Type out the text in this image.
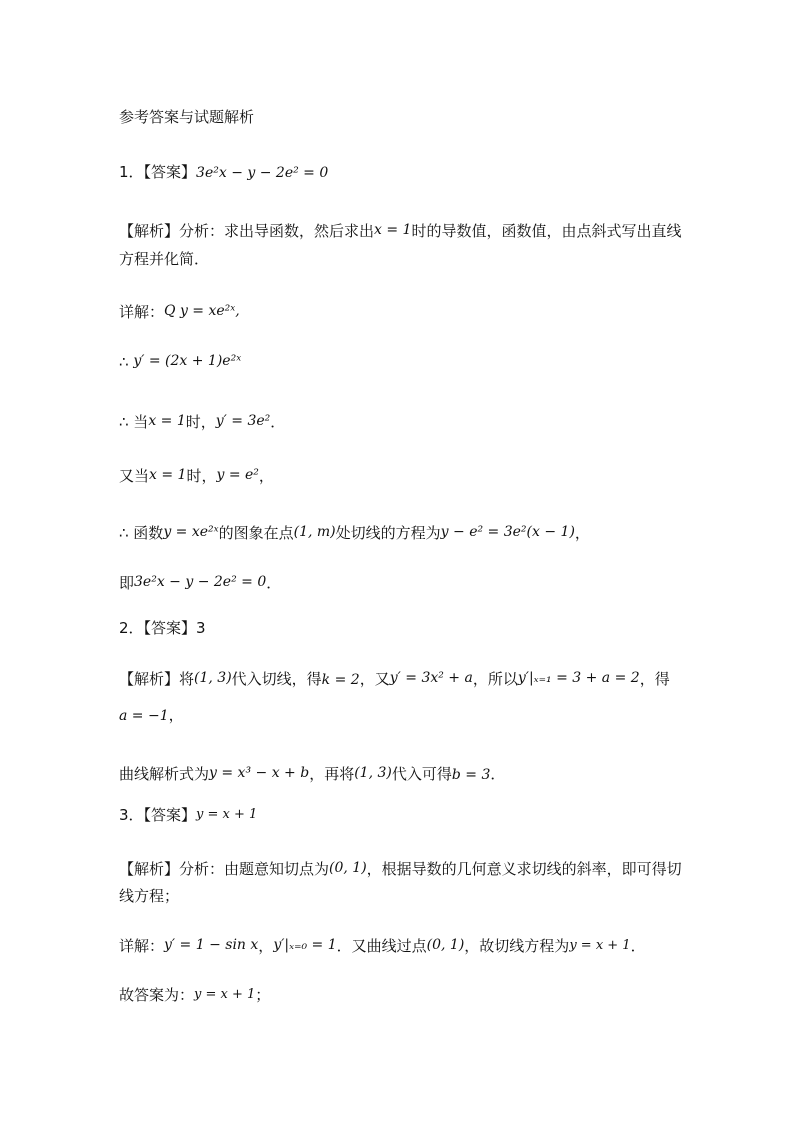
参考答案与试题解析
1．【答案】3e²x − y − 2e² = 0
【解析】分析：求出导函数，然后求出x = 1时的导数值，函数值，由点斜式写出直线
方程并化简．
详解：Q y = xe²ˣ,
∴ y′ = (2x + 1)e²ˣ
∴ 当x = 1时，y′ = 3e²．
又当x = 1时，y = e²，
∴ 函数y = xe²ˣ的图象在点(1, m)处切线的方程为y − e² = 3e²(x − 1)，
即3e²x − y − 2e² = 0．
2．【答案】3
【解析】将(1, 3)代入切线，得k = 2，又y′ = 3x² + a，所以y′|ₓ₌₁ = 3 + a = 2，得
a = −1，
曲线解析式为y = x³ − x + b，再将(1, 3)代入可得b = 3．
3．【答案】y = x + 1
【解析】分析：由题意知切点为(0, 1)，根据导数的几何意义求切线的斜率，即可得切
线方程；
详解：y′ = 1 − sin x，y′|ₓ₌₀ = 1．又曲线过点(0, 1)，故切线方程为y = x + 1．
故答案为：y = x + 1；
